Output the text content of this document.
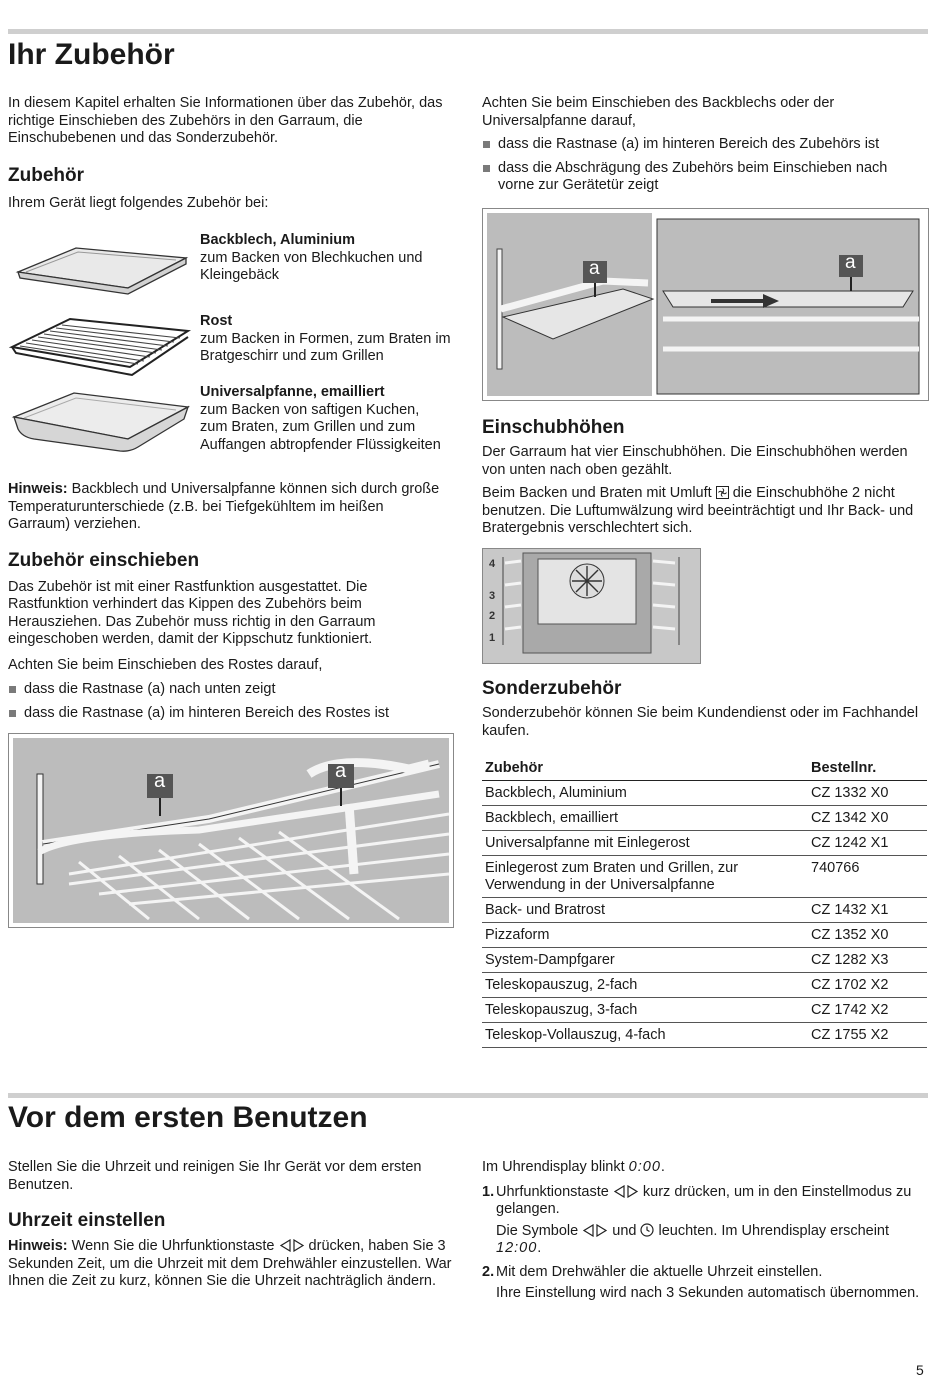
Ihr Zubehör

In diesem Kapitel erhalten Sie Informationen über das Zubehör, das richtige Einschieben des Zubehörs in den Garraum, die Einschubebenen und das Sonderzubehör.

Zubehör

Ihrem Gerät liegt folgendes Zubehör bei:

Backblech, Aluminium

zum Backen von Blechkuchen und Kleingebäck

Rost

zum Backen in Formen, zum Braten im Bratgeschirr und zum Grillen

Universalpfanne, emailliert

zum Backen von saftigen Kuchen, zum Braten, zum Grillen und zum Auffangen abtropfender Flüssigkeiten

Hinweis: Backblech und Universalpfanne können sich durch große Temperaturunterschiede (z.B. bei Tiefgekühltem im heißen Garraum) verziehen.

Zubehör einschieben

Das Zubehör ist mit einer Rastfunktion ausgestattet. Die Rastfunktion verhindert das Kippen des Zubehörs beim Herausziehen. Das Zubehör muss richtig in den Garraum eingeschoben werden, damit der Kippschutz funktioniert.

Achten Sie beim Einschieben des Rostes darauf,

dass die Rastnase (a) nach unten zeigt

dass die Rastnase (a) im hinteren Bereich des Rostes ist

a	a

Achten Sie beim Einschieben des Backblechs oder der Universalpfanne darauf,

dass die Rastnase (a) im hinteren Bereich des Zubehörs ist

dass die Abschrägung des Zubehörs beim Einschieben nach vorne zur Gerätetür zeigt

a	a
Einschubhöhen

Der Garraum hat vier Einschubhöhen. Die Einschubhöhen werden von unten nach oben gezählt.

Beim Backen und Braten mit Umluft  die Einschubhöhe 2 nicht benutzen. Die Luftumwälzung wird beeinträchtigt und Ihr Back- und Bratergebnis verschlechtert sich.

4
3
2
1
Sonderzubehör

Sonderzubehör können Sie beim Kundendienst oder im Fachhandel kaufen.

Zubehör	Bestellnr.
Backblech, Aluminium	CZ 1332 X0
Backblech, emailliert	CZ 1342 X0
Universalpfanne mit Einlegerost	CZ 1242 X1
Einlegerost zum Braten und Grillen, zur Verwendung in der Universalpfanne	740766
Back- und Bratrost	CZ 1432 X1
Pizzaform	CZ 1352 X0
System-Dampfgarer	CZ 1282 X3
Teleskopauszug, 2-fach	CZ 1702 X2
Teleskopauszug, 3-fach	CZ 1742 X2
Teleskop-Vollauszug, 4-fach	CZ 1755 X2
Vor dem ersten Benutzen

Stellen Sie die Uhrzeit und reinigen Sie Ihr Gerät vor dem ersten Benutzen.

Uhrzeit einstellen

Hinweis: Wenn Sie die Uhrfunktionstaste  drücken, haben Sie 3 Sekunden Zeit, um die Uhrzeit mit dem Drehwähler einzustellen. War Ihnen die Zeit zu kurz, können Sie die Uhrzeit nachträglich ändern.

Im Uhrendisplay blinkt 0:00.

1. Uhrfunktionstaste  kurz drücken, um in den Einstellmodus zu gelangen.

Die Symbole  und  leuchten. Im Uhrendisplay erscheint 12:00.

2. Mit dem Drehwähler die aktuelle Uhrzeit einstellen.

Ihre Einstellung wird nach 3 Sekunden automatisch übernommen.

5
